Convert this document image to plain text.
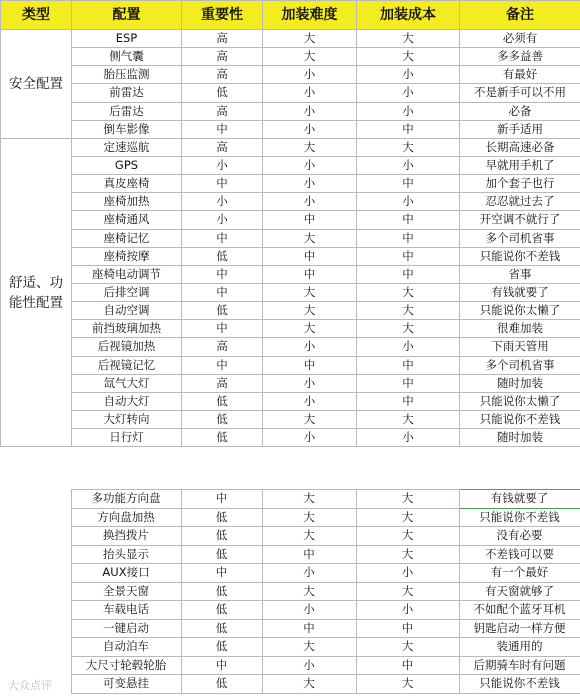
类型	配置	重要性	加装难度	加装成本	备注
安全配置	ESP	高	大	大	必须有
	侧气囊	高	大	大	多多益善
	胎压监测	高	小	小	有最好
	前雷达	低	小	小	不是新手可以不用
	后雷达	高	小	小	必备
	倒车影像	中	小	中	新手适用
舒适、功能性配置	定速巡航	高	大	大	长期高速必备
	GPS	小	小	小	早就用手机了
	真皮座椅	中	小	中	加个套子也行
	座椅加热	小	小	小	忍忍就过去了
	座椅通风	小	中	中	开空调不就行了
	座椅记忆	中	大	中	多个司机省事
	座椅按摩	低	中	中	只能说你不差钱
	座椅电动调节	中	中	中	省事
	后排空调	中	大	大	有钱就要了
	自动空调	低	大	大	只能说你太懒了
	前挡玻璃加热	中	大	大	很难加装
	后视镜加热	高	小	小	下雨天管用
	后视镜记忆	中	中	中	多个司机省事
	氙气大灯	高	小	中	随时加装
	自动大灯	低	小	中	只能说你太懒了
	大灯转向	低	大	大	只能说你不差钱
	日行灯	低	小	小	随时加装
	多功能方向盘	中	大	大	有钱就要了
	方向盘加热	低	大	大	只能说你不差钱
	换挡拨片	低	大	大	没有必要
	抬头显示	低	中	大	不差钱可以要
	AUX接口	中	小	小	有一个最好
	全景天窗	低	大	大	有天窗就够了
	车载电话	低	小	小	不如配个蓝牙耳机
	一键启动	低	中	中	钥匙启动一样方便
	自动泊车	低	大	大	装通用的
	大尺寸轮毂轮胎	中	小	中	后期骑车时有问题
	可变悬挂	低	大	大	只能说你不差钱
大众点评
